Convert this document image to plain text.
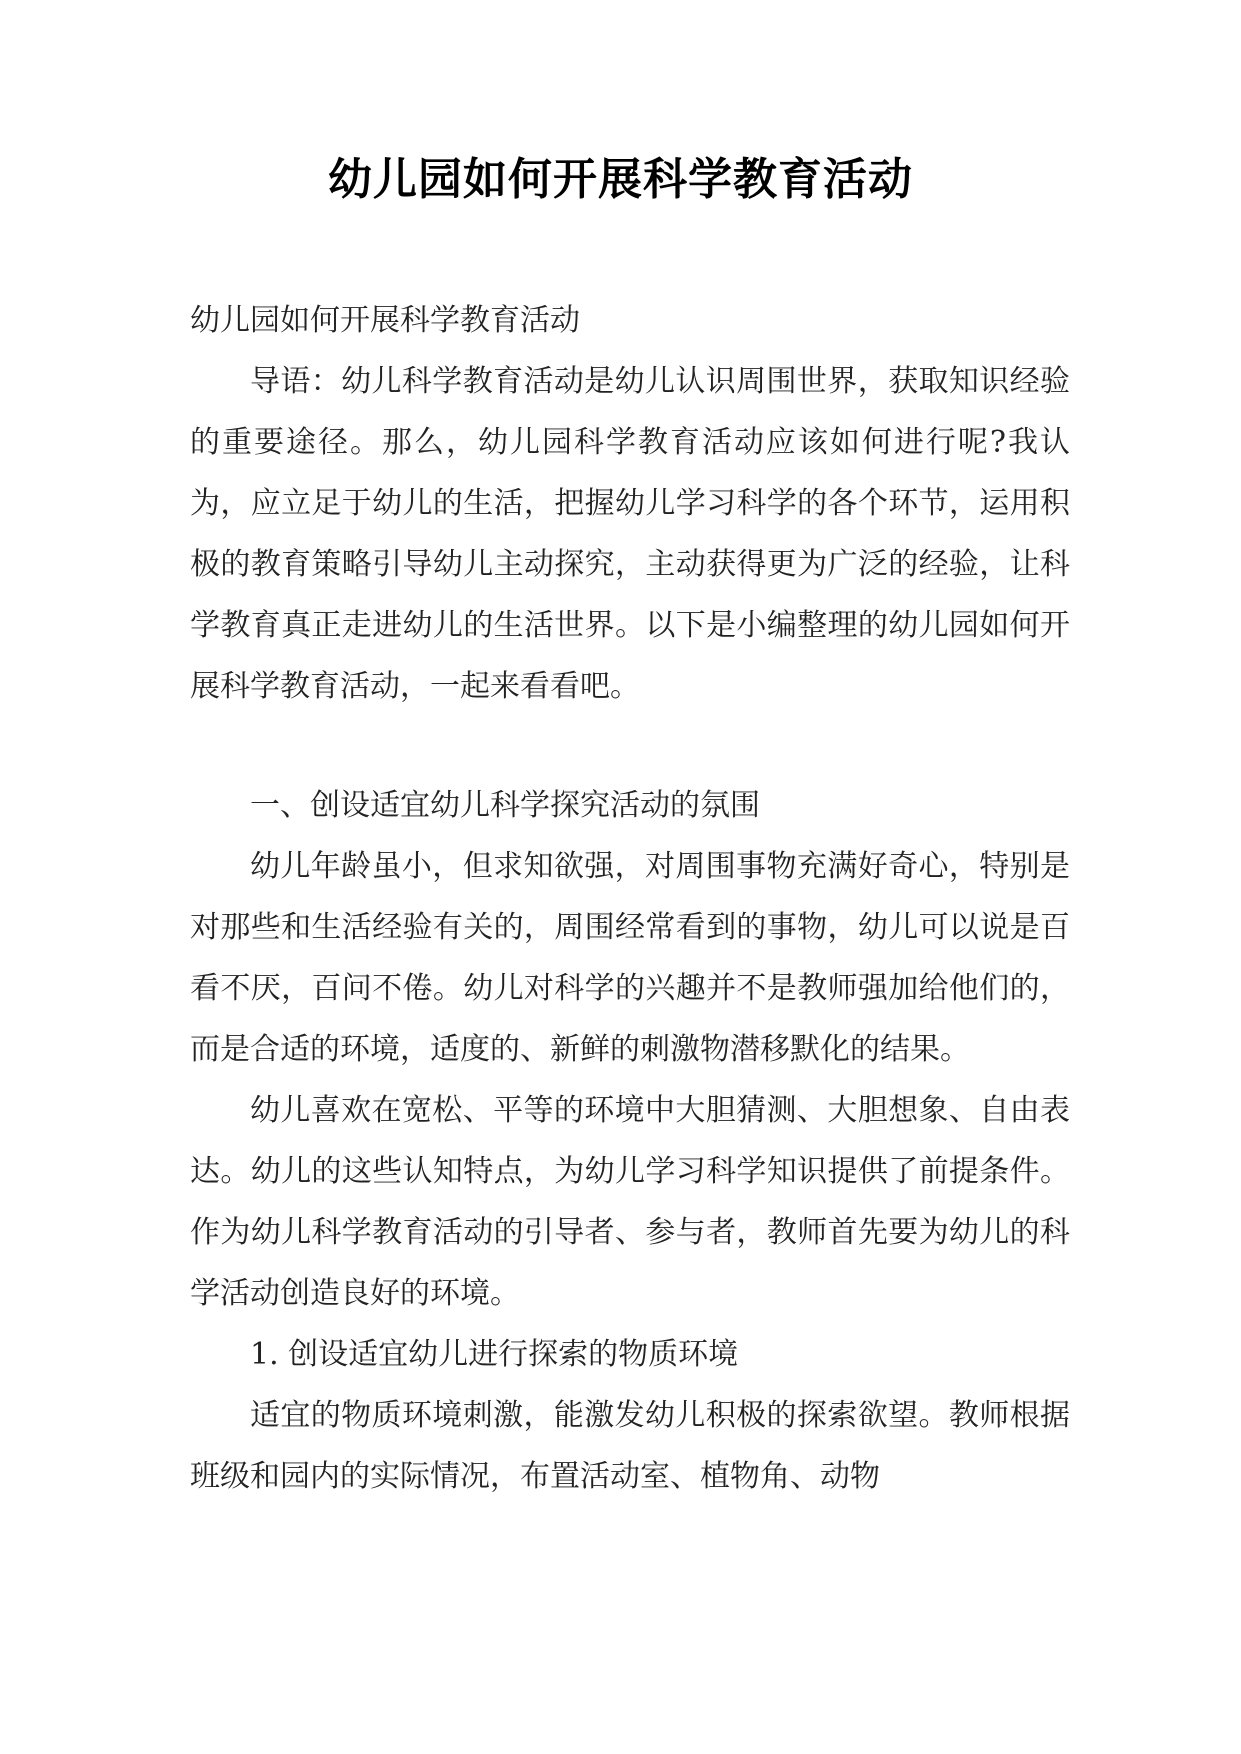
幼儿园如何开展科学教育活动

幼儿园如何开展科学教育活动

导语：幼儿科学教育活动是幼儿认识周围世界，获取知识经验的重要途径。那么，幼儿园科学教育活动应该如何进行呢?我认为，应立足于幼儿的生活，把握幼儿学习科学的各个环节，运用积极的教育策略引导幼儿主动探究，主动获得更为广泛的经验，让科学教育真正走进幼儿的生活世界。以下是小编整理的幼儿园如何开展科学教育活动，一起来看看吧。

一、创设适宜幼儿科学探究活动的氛围

幼儿年龄虽小，但求知欲强，对周围事物充满好奇心，特别是对那些和生活经验有关的，周围经常看到的事物，幼儿可以说是百看不厌，百问不倦。幼儿对科学的兴趣并不是教师强加给他们的，而是合适的环境，适度的、新鲜的刺激物潜移默化的结果。

幼儿喜欢在宽松、平等的环境中大胆猜测、大胆想象、自由表达。幼儿的这些认知特点，为幼儿学习科学知识提供了前提条件。作为幼儿科学教育活动的引导者、参与者，教师首先要为幼儿的科学活动创造良好的环境。

1. 创设适宜幼儿进行探索的物质环境

适宜的物质环境刺激，能激发幼儿积极的探索欲望。教师根据班级和园内的实际情况，布置活动室、植物角、动物
